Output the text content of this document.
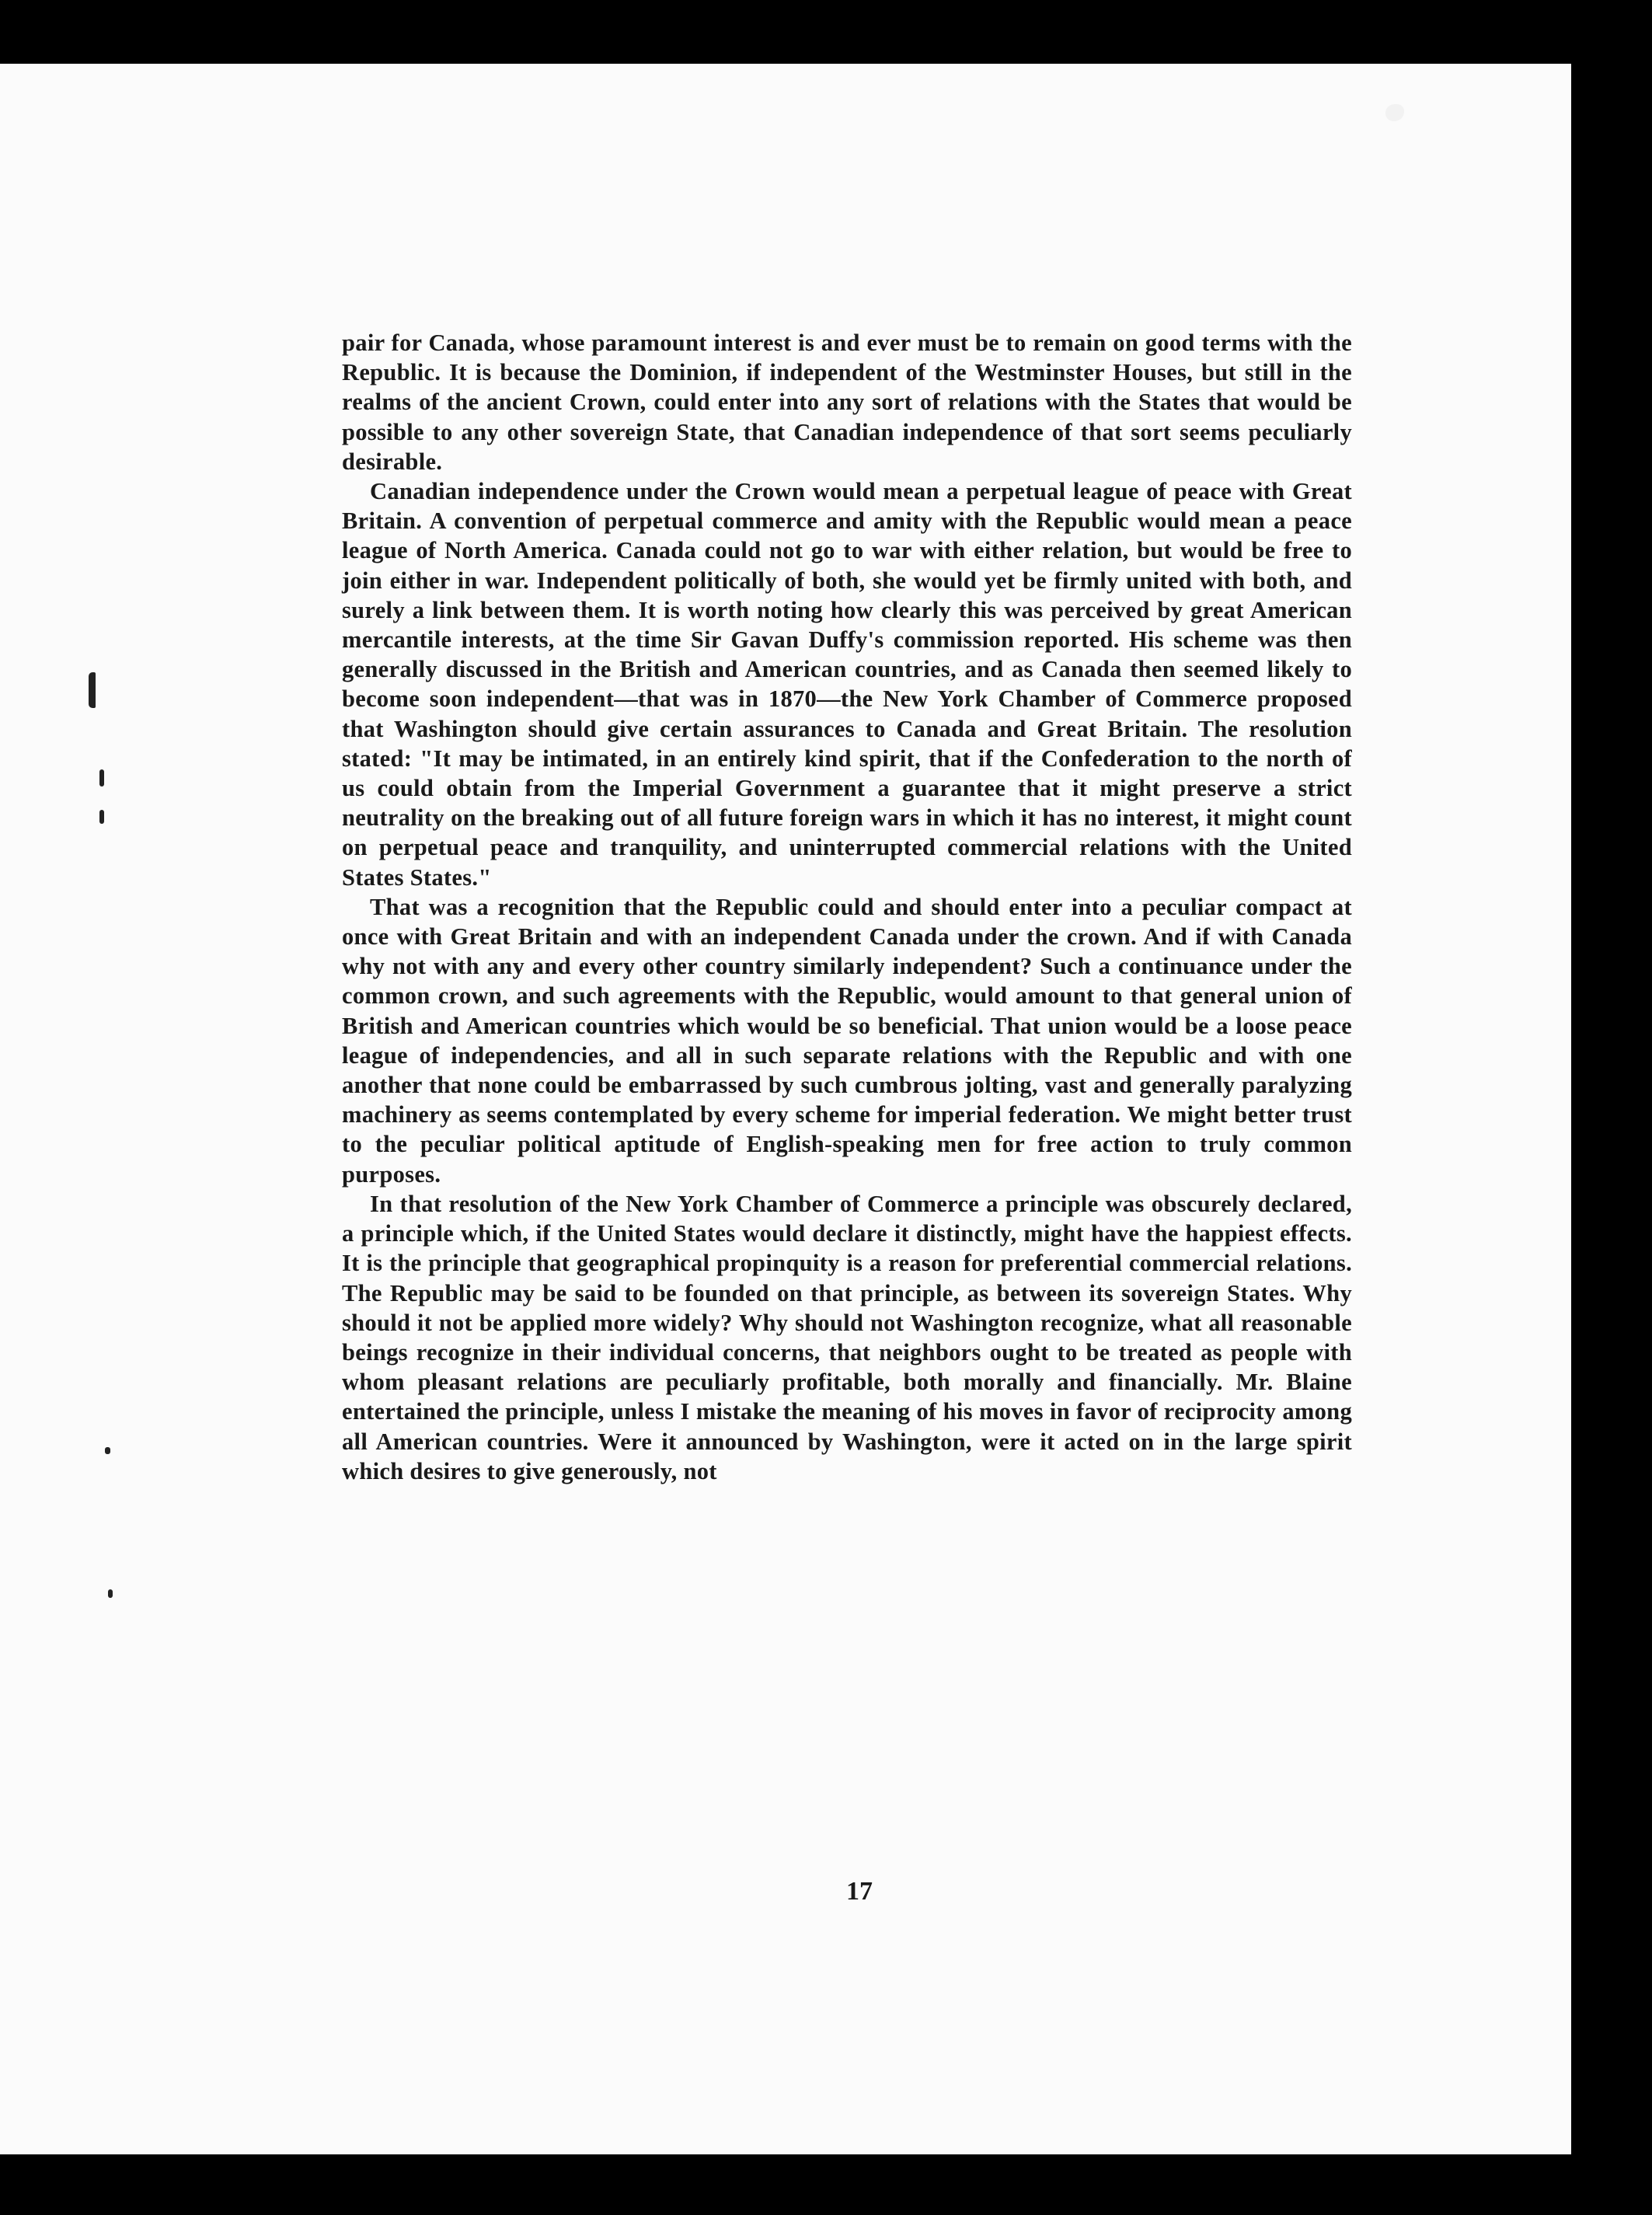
pair for Canada, whose paramount interest is and ever must be to remain on good terms with the Republic. It is because the Dominion, if independent of the Westminster Houses, but still in the realms of the ancient Crown, could enter into any sort of relations with the States that would be possible to any other sovereign State, that Canadian independence of that sort seems peculiarly desirable.

Canadian independence under the Crown would mean a perpetual league of peace with Great Britain. A convention of perpetual commerce and amity with the Republic would mean a peace league of North America. Canada could not go to war with either relation, but would be free to join either in war. Independent politically of both, she would yet be firmly united with both, and surely a link between them. It is worth noting how clearly this was perceived by great American mercantile interests, at the time Sir Gavan Duffy's commission reported. His scheme was then generally discussed in the British and American countries, and as Canada then seemed likely to become soon independent—that was in 1870—the New York Chamber of Commerce proposed that Washington should give certain assurances to Canada and Great Britain. The resolution stated: "It may be intimated, in an entirely kind spirit, that if the Confederation to the north of us could obtain from the Imperial Government a guarantee that it might preserve a strict neutrality on the breaking out of all future foreign wars in which it has no interest, it might count on perpetual peace and tranquility, and uninterrupted commercial relations with the United States States."

That was a recognition that the Republic could and should enter into a peculiar compact at once with Great Britain and with an independent Canada under the crown. And if with Canada why not with any and every other country similarly independent? Such a continuance under the common crown, and such agreements with the Republic, would amount to that general union of British and American countries which would be so beneficial. That union would be a loose peace league of independencies, and all in such separate relations with the Republic and with one another that none could be embarrassed by such cumbrous jolting, vast and generally paralyzing machinery as seems contemplated by every scheme for imperial federation. We might better trust to the peculiar political aptitude of English-speaking men for free action to truly common purposes.

In that resolution of the New York Chamber of Commerce a principle was obscurely declared, a principle which, if the United States would declare it distinctly, might have the happiest effects. It is the principle that geographical propinquity is a reason for preferential commercial relations. The Republic may be said to be founded on that principle, as between its sovereign States. Why should it not be applied more widely? Why should not Washington recognize, what all reasonable beings recognize in their individual concerns, that neighbors ought to be treated as people with whom pleasant relations are peculiarly profitable, both morally and financially. Mr. Blaine entertained the principle, unless I mistake the meaning of his moves in favor of reciprocity among all American countries. Were it announced by Washington, were it acted on in the large spirit which desires to give generously, not

17
